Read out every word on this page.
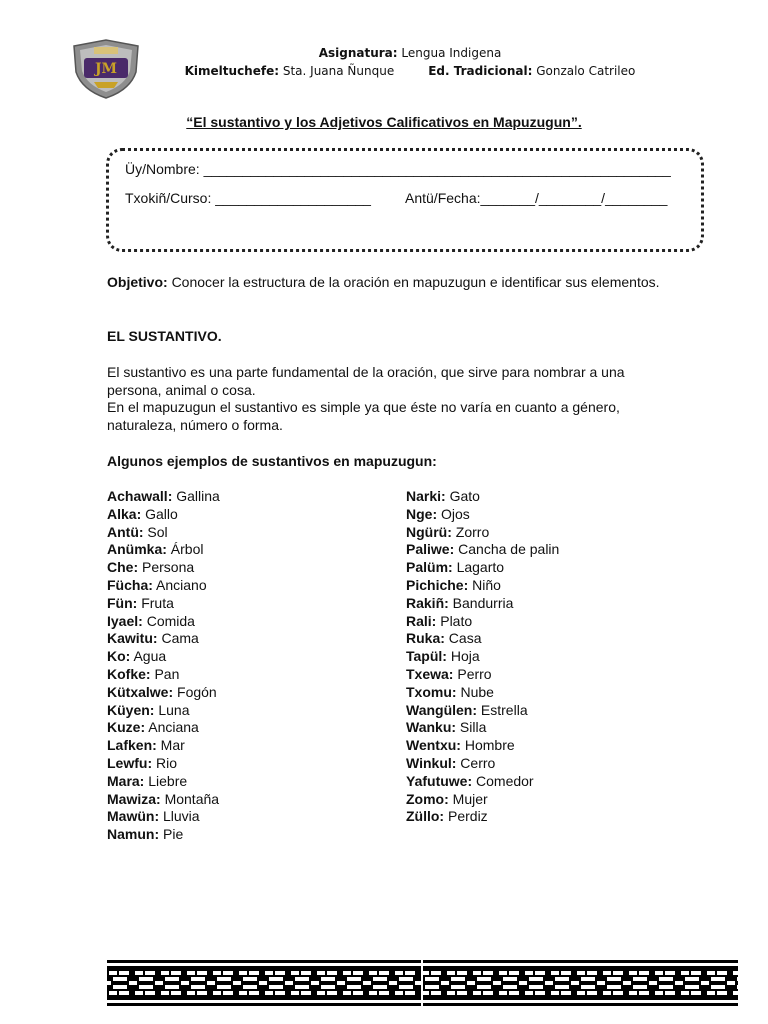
JM
Asignatura: Lengua Indigena
Kimeltuchefe: Sta. Juana Ñunque	Ed. Tradicional: Gonzalo Catrileo
“El sustantivo y los Adjetivos Calificativos en Mapuzugun”.
Üy/Nombre: ____________________________________________________________
Txokiñ/Curso: ____________________ Antü/Fecha:_______/________/________
Objetivo: Conocer la estructura de la oración en mapuzugun e identificar sus elementos.
EL SUSTANTIVO.
El sustantivo es una parte fundamental de la oración, que sirve para nombrar a una persona, animal o cosa.
En el mapuzugun el sustantivo es simple ya que éste no varía en cuanto a género, naturaleza, número o forma.
Algunos ejemplos de sustantivos en mapuzugun:
Achawall: Gallina
Alka: Gallo
Antü: Sol
Anümka: Árbol
Che: Persona
Fücha: Anciano
Fün: Fruta
Iyael: Comida
Kawitu: Cama
Ko: Agua
Kofke: Pan
Kütxalwe: Fogón
Küyen: Luna
Kuze: Anciana
Lafken: Mar
Lewfu: Rio
Mara: Liebre
Mawiza: Montaña
Mawün: Lluvia
Namun: Pie
Narki: Gato
Nge: Ojos
Ngürü: Zorro
Paliwe: Cancha de palin
Palüm: Lagarto
Pichiche: Niño
Rakiñ: Bandurria
Rali: Plato
Ruka: Casa
Tapül: Hoja
Txewa: Perro
Txomu: Nube
Wangülen: Estrella
Wanku: Silla
Wentxu: Hombre
Winkul: Cerro
Yafutuwe: Comedor
Zomo: Mujer
Züllo: Perdiz
